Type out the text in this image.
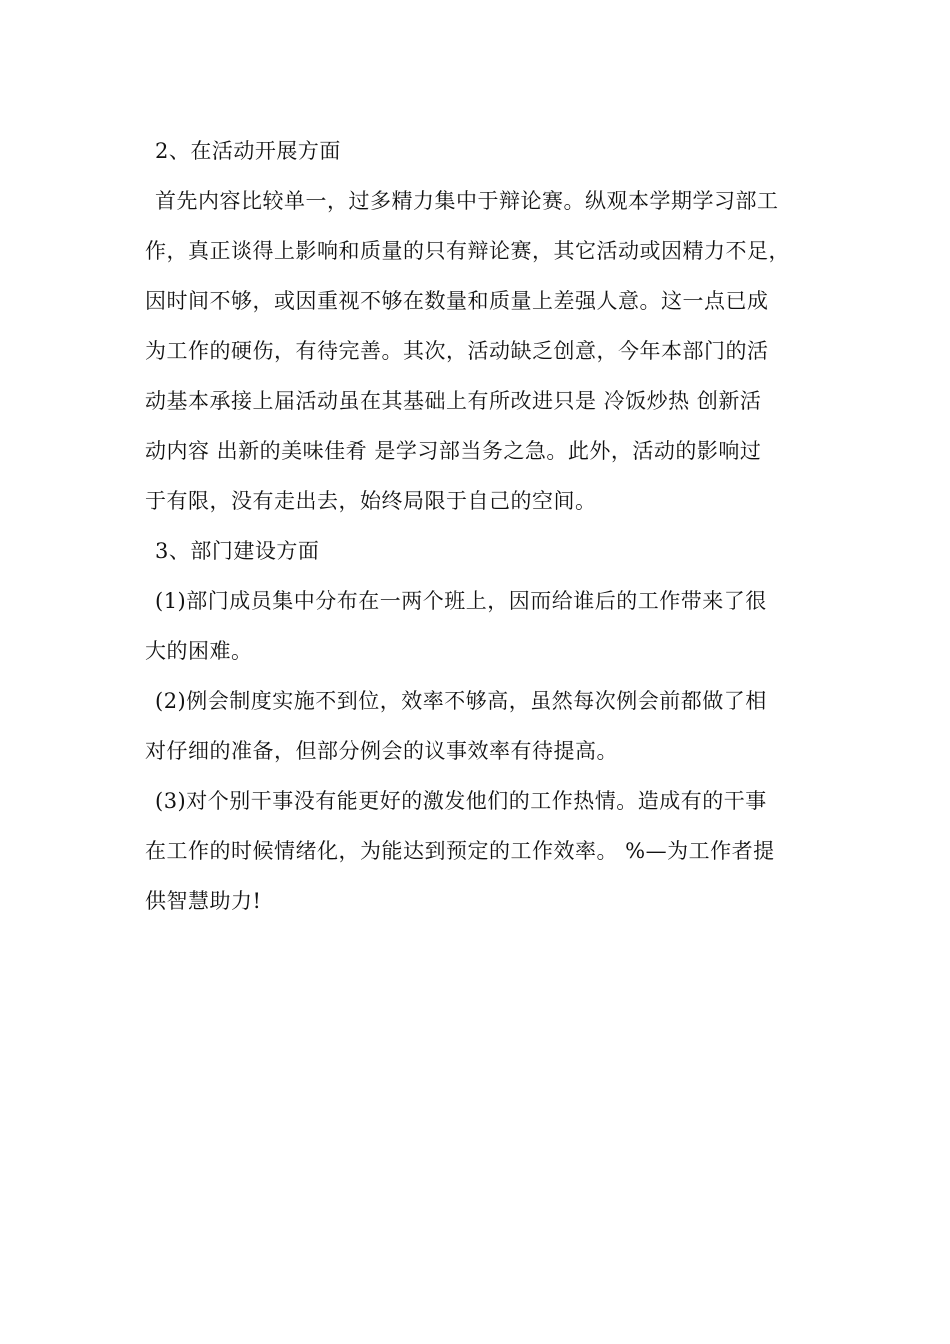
2、在活动开展方面
首先内容比较单一，过多精力集中于辩论赛。纵观本学期学习部工
作，真正谈得上影响和质量的只有辩论赛，其它活动或因精力不足，
因时间不够，或因重视不够在数量和质量上差强人意。这一点已成
为工作的硬伤，有待完善。其次，活动缺乏创意，今年本部门的活
动基本承接上届活动虽在其基础上有所改进只是 冷饭炒热 创新活
动内容 出新的美味佳肴 是学习部当务之急。此外，活动的影响过
于有限，没有走出去，始终局限于自己的空间。
3、部门建设方面
(1)部门成员集中分布在一两个班上，因而给谁后的工作带来了很
大的困难。
(2)例会制度实施不到位，效率不够高，虽然每次例会前都做了相
对仔细的准备，但部分例会的议事效率有待提高。
(3)对个别干事没有能更好的激发他们的工作热情。造成有的干事
在工作的时候情绪化，为能达到预定的工作效率。 %—为工作者提
供智慧助力!
